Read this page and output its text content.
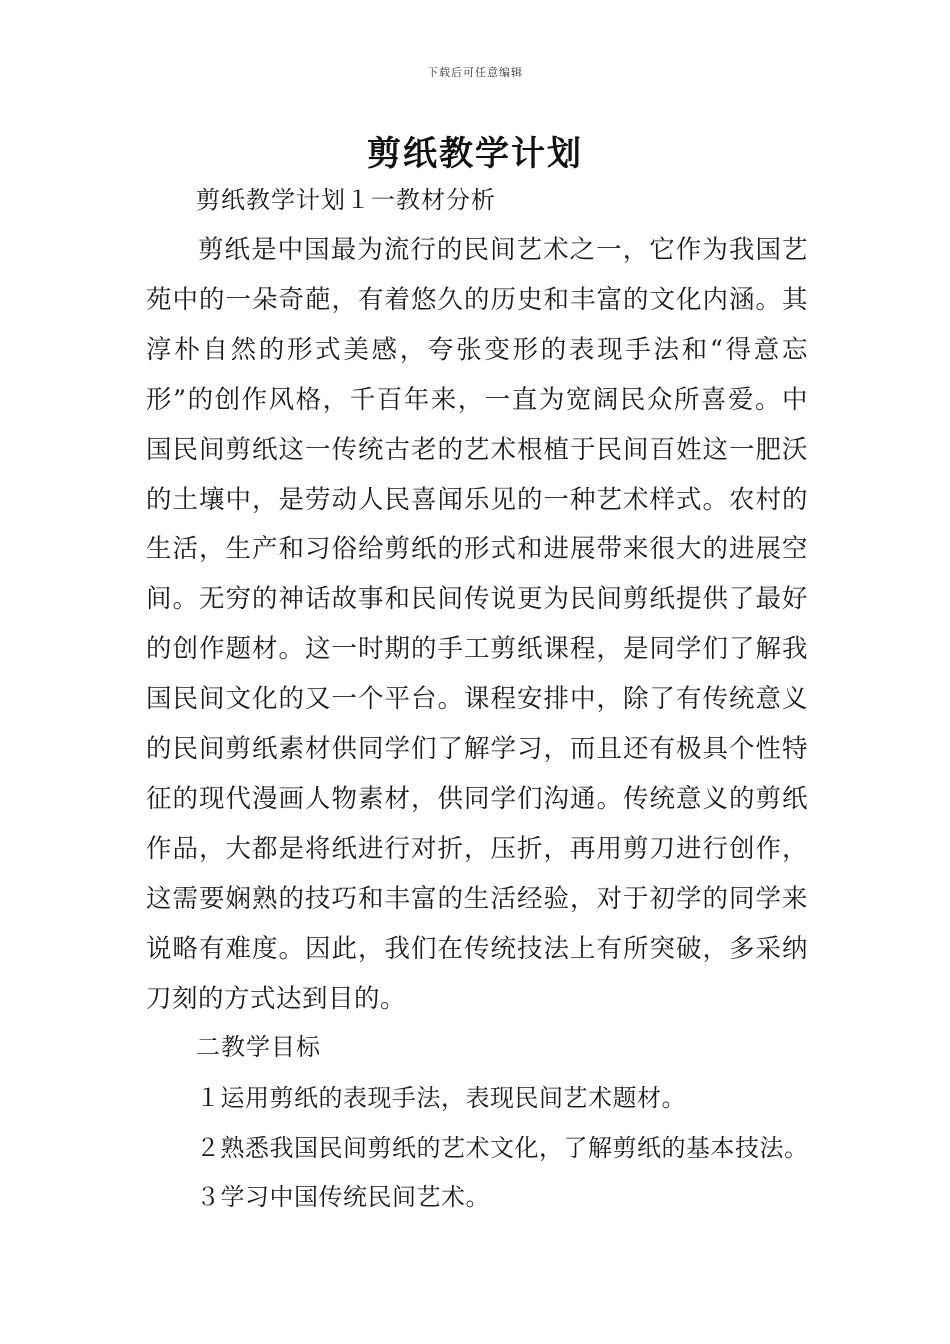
下载后可任意编辑
剪纸教学计划
剪纸教学计划１一教材分析
剪纸是中国最为流行的民间艺术之一，它作为我国艺苑中的一朵奇葩，有着悠久的历史和丰富的文化内涵。其淳朴自然的形式美感，夸张变形的表现手法和“得意忘形”的创作风格，千百年来，一直为宽阔民众所喜爱。中国民间剪纸这一传统古老的艺术根植于民间百姓这一肥沃的土壤中，是劳动人民喜闻乐见的一种艺术样式。农村的生活，生产和习俗给剪纸的形式和进展带来很大的进展空间。无穷的神话故事和民间传说更为民间剪纸提供了最好的创作题材。这一时期的手工剪纸课程，是同学们了解我国民间文化的又一个平台。课程安排中，除了有传统意义的民间剪纸素材供同学们了解学习，而且还有极具个性特征的现代漫画人物素材，供同学们沟通。传统意义的剪纸作品，大都是将纸进行对折，压折，再用剪刀进行创作，这需要娴熟的技巧和丰富的生活经验，对于初学的同学来说略有难度。因此，我们在传统技法上有所突破，多采纳刀刻的方式达到目的。
二教学目标
１运用剪纸的表现手法，表现民间艺术题材。
２熟悉我国民间剪纸的艺术文化，了解剪纸的基本技法。
３学习中国传统民间艺术。
